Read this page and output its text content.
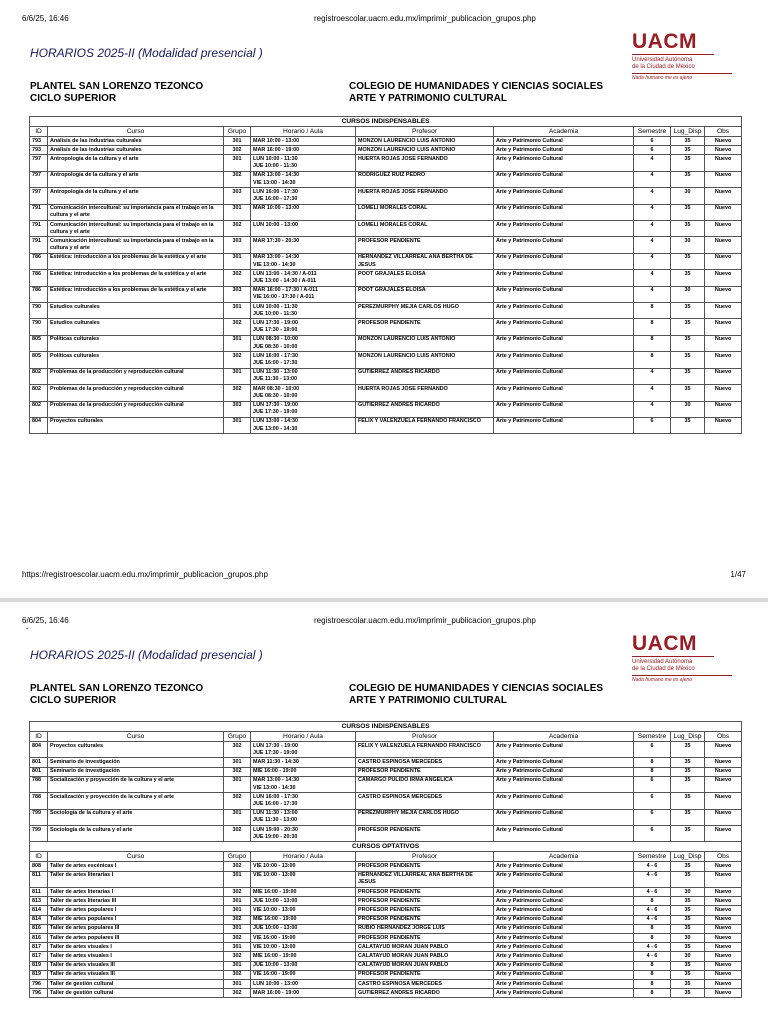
6/6/25, 16:46	registroescolar.uacm.edu.mx/imprimir_publicacion_grupos.php
HORARIOS 2025-II (Modalidad presencial )
PLANTEL SAN LORENZO TEZONCO
CICLO SUPERIOR
COLEGIO DE HUMANIDADES Y CIENCIAS SOCIALES
ARTE Y PATRIMONIO CULTURAL
UACM
Universidad Autónoma
de la Ciudad de México
Nada humano me es ajeno
CURSOS INDISPENSABLES								
ID	Curso	Grupo	Horario / Aula	Profesor	Academia	Semestre	Lug_Disp	Obs
793	Análisis de las industrias culturales	301	MAR 10:00 - 13:00	MONZON LAURENCIO LUIS ANTONIO	Arte y Patrimonio Cultural	6	35	Nuevo
793	Análisis de las industrias culturales	302	MAR 16:00 - 19:00	MONZON LAURENCIO LUIS ANTONIO	Arte y Patrimonio Cultural	6	35	Nuevo
797	Antropología de la cultura y el arte	301	LUN 10:00 - 11:30
JUE 10:00 - 11:30	HUERTA ROJAS JOSE FERNANDO	Arte y Patrimonio Cultural	4	35	Nuevo
797	Antropología de la cultura y el arte	302	MAR 13:00 - 14:30
VIE 13:00 - 14:30	RODRIGUEZ RUIZ PEDRO	Arte y Patrimonio Cultural	4	35	Nuevo
797	Antropología de la cultura y el arte	303	LUN 16:00 - 17:30
JUE 16:00 - 17:30	HUERTA ROJAS JOSE FERNANDO	Arte y Patrimonio Cultural	4	30	Nuevo
791	Comunicación intercultural: su importancia para el trabajo en la cultura y el arte	301	MAR 10:00 - 13:00	LOMELI MORALES CORAL	Arte y Patrimonio Cultural	4	35	Nuevo
791	Comunicación intercultural: su importancia para el trabajo en la cultura y el arte	302	LUN 10:00 - 13:00	LOMELI MORALES CORAL	Arte y Patrimonio Cultural	4	35	Nuevo
791	Comunicación intercultural: su importancia para el trabajo en la cultura y el arte	303	MAR 17:30 - 20:30	PROFESOR PENDIENTE	Arte y Patrimonio Cultural	4	30	Nuevo
786	Estética: introducción a los problemas de la estética y el arte	301	MAR 13:00 - 14:30
VIE 13:00 - 14:30	HERNANDEZ VILLARREAL ANA BERTHA DE JESUS	Arte y Patrimonio Cultural	4	35	Nuevo
786	Estética: introducción a los problemas de la estética y el arte	302	LUN 13:00 - 14:30 / A-011
JUE 13:00 - 14:30 / A-011	POOT GRAJALES ELOISA	Arte y Patrimonio Cultural	4	35	Nuevo
786	Estética: introducción a los problemas de la estética y el arte	303	MAR 16:00 - 17:30 / A-011
VIE 16:00 - 17:30 / A-011	POOT GRAJALES ELOISA	Arte y Patrimonio Cultural	4	30	Nuevo
790	Estudios culturales	301	LUN 10:00 - 11:30
JUE 10:00 - 11:30	PEREZMURPHY MEJIA CARLOS HUGO	Arte y Patrimonio Cultural	8	35	Nuevo
790	Estudios culturales	302	LUN 17:30 - 19:00
JUE 17:30 - 19:00	PROFESOR PENDIENTE	Arte y Patrimonio Cultural	8	35	Nuevo
805	Políticas culturales	301	LUN 08:30 - 10:00
JUE 08:30 - 10:00	MONZON LAURENCIO LUIS ANTONIO	Arte y Patrimonio Cultural	8	35	Nuevo
805	Políticas culturales	302	LUN 16:00 - 17:30
JUE 16:00 - 17:30	MONZON LAURENCIO LUIS ANTONIO	Arte y Patrimonio Cultural	8	35	Nuevo
802	Problemas de la producción y reproducción cultural	301	LUN 11:30 - 13:00
JUE 11:30 - 13:00	GUTIERREZ ANDRES RICARDO	Arte y Patrimonio Cultural	4	35	Nuevo
802	Problemas de la producción y reproducción cultural	302	MAR 08:30 - 10:00
JUE 08:30 - 10:00	HUERTA ROJAS JOSE FERNANDO	Arte y Patrimonio Cultural	4	35	Nuevo
802	Problemas de la producción y reproducción cultural	303	LUN 17:30 - 19:00
JUE 17:30 - 19:00	GUTIERREZ ANDRES RICARDO	Arte y Patrimonio Cultural	4	30	Nuevo
804	Proyectos culturales	301	LUN 13:00 - 14:30
JUE 13:00 - 14:30	FELIX Y VALENZUELA FERNANDO FRANCISCO	Arte y Patrimonio Cultural	6	35	Nuevo
https://registroescolar.uacm.edu.mx/imprimir_publicacion_grupos.php	1/47
6/6/25, 16:46	registroescolar.uacm.edu.mx/imprimir_publicacion_grupos.php
-
HORARIOS 2025-II (Modalidad presencial )
PLANTEL SAN LORENZO TEZONCO
CICLO SUPERIOR
COLEGIO DE HUMANIDADES Y CIENCIAS SOCIALES
ARTE Y PATRIMONIO CULTURAL
UACM
Universidad Autónoma
de la Ciudad de México
Nada humano me es ajeno
CURSOS INDISPENSABLES								
ID	Curso	Grupo	Horario / Aula	Profesor	Academia	Semestre	Lug_Disp	Obs
804	Proyectos culturales	302	LUN 17:30 - 19:00
JUE 17:30 - 19:00	FELIX Y VALENZUELA FERNANDO FRANCISCO	Arte y Patrimonio Cultural	6	35	Nuevo
801	Seminario de investigación	301	MAR 11:30 - 14:30	CASTRO ESPINOSA MERCEDES	Arte y Patrimonio Cultural	8	35	Nuevo
801	Seminario de investigación	302	MIE 16:00 - 19:00	PROFESOR PENDIENTE	Arte y Patrimonio Cultural	8	35	Nuevo
788	Socialización y proyección de la cultura y el arte	301	MAR 13:00 - 14:30
VIE 13:00 - 14:30	CAMARGO PULIDO IRMA ANGELICA	Arte y Patrimonio Cultural	6	35	Nuevo
788	Socialización y proyección de la cultura y el arte	302	LUN 16:00 - 17:30
JUE 16:00 - 17:30	CASTRO ESPINOSA MERCEDES	Arte y Patrimonio Cultural	6	35	Nuevo
799	Sociología de la cultura y el arte	301	LUN 11:30 - 13:00
JUE 11:30 - 13:00	PEREZMURPHY MEJIA CARLOS HUGO	Arte y Patrimonio Cultural	6	35	Nuevo
799	Sociología de la cultura y el arte	302	LUN 19:00 - 20:30
JUE 19:00 - 20:30	PROFESOR PENDIENTE	Arte y Patrimonio Cultural	6	35	Nuevo
CURSOS OPTATIVOS								
ID	Curso	Grupo	Horario / Aula	Profesor	Academia	Semestre	Lug_Disp	Obs
808	Taller de artes escénicas I	302	VIE 10:00 - 13:00	PROFESOR PENDIENTE	Arte y Patrimonio Cultural	4 - 6	35	Nuevo
811	Taller de artes literarias I	301	VIE 10:00 - 13:00	HERNANDEZ VILLARREAL ANA BERTHA DE JESUS	Arte y Patrimonio Cultural	4 - 6	35	Nuevo
811	Taller de artes literarias I	302	MIE 16:00 - 19:00	PROFESOR PENDIENTE	Arte y Patrimonio Cultural	4 - 6	30	Nuevo
813	Taller de artes literarias III	301	JUE 10:00 - 13:00	PROFESOR PENDIENTE	Arte y Patrimonio Cultural	8	35	Nuevo
814	Taller de artes populares I	301	VIE 10:00 - 13:00	PROFESOR PENDIENTE	Arte y Patrimonio Cultural	4 - 6	35	Nuevo
814	Taller de artes populares I	302	MIE 16:00 - 19:00	PROFESOR PENDIENTE	Arte y Patrimonio Cultural	4 - 6	35	Nuevo
816	Taller de artes populares III	301	JUE 10:00 - 13:00	RUBIO HERNANDEZ JORGE LUIS	Arte y Patrimonio Cultural	8	35	Nuevo
816	Taller de artes populares III	302	VIE 16:00 - 19:00	PROFESOR PENDIENTE	Arte y Patrimonio Cultural	8	30	Nuevo
817	Taller de artes visuales I	301	VIE 10:00 - 13:00	CALATAYUD MORAN JUAN PABLO	Arte y Patrimonio Cultural	4 - 6	35	Nuevo
817	Taller de artes visuales I	302	MIE 16:00 - 19:00	CALATAYUD MORAN JUAN PABLO	Arte y Patrimonio Cultural	4 - 6	30	Nuevo
819	Taller de artes visuales III	301	JUE 10:00 - 13:00	CALATAYUD MORAN JUAN PABLO	Arte y Patrimonio Cultural	8	35	Nuevo
819	Taller de artes visuales III	302	VIE 16:00 - 19:00	PROFESOR PENDIENTE	Arte y Patrimonio Cultural	8	35	Nuevo
796	Taller de gestión cultural	301	LUN 10:00 - 13:00	CASTRO ESPINOSA MERCEDES	Arte y Patrimonio Cultural	8	35	Nuevo
796	Taller de gestión cultural	302	MAR 16:00 - 19:00	GUTIERREZ ANDRES RICARDO	Arte y Patrimonio Cultural	8	35	Nuevo
